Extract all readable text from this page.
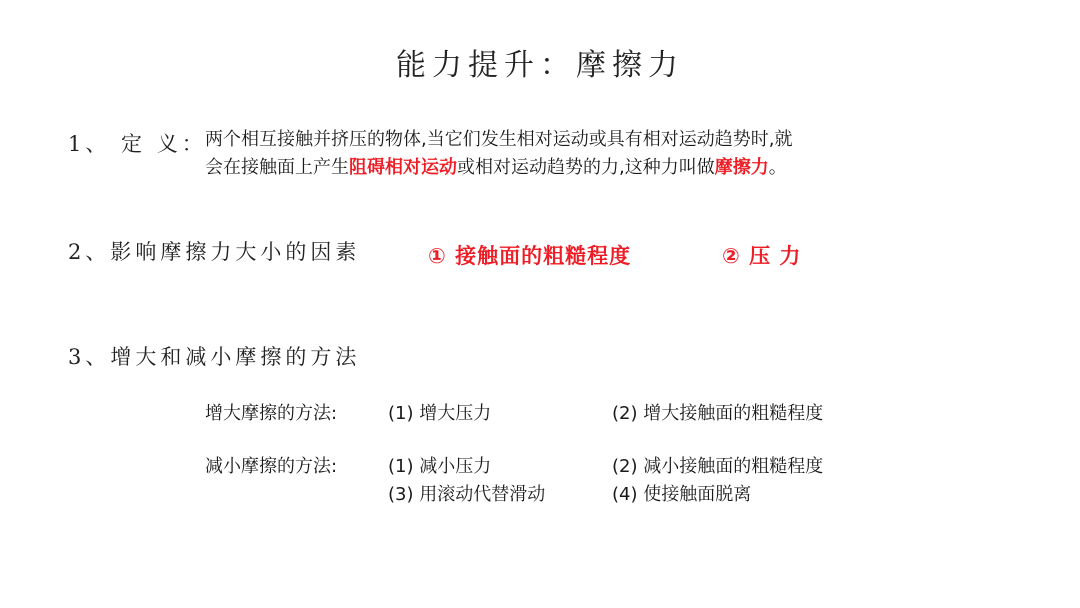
能力提升：摩擦力
1、 定 义：
两个相互接触并挤压的物体,当它们发生相对运动或具有相对运动趋势时,就
会在接触面上产生阻碍相对运动或相对运动趋势的力,这种力叫做摩擦力。
2、影响摩擦力大小的因素	① 接触面的粗糙程度	② 压 力
3、增大和减小摩擦的方法
增大摩擦的方法:	(1) 增大压力	(2) 增大接触面的粗糙程度
减小摩擦的方法:	(1) 减小压力	(2) 减小接触面的粗糙程度
(3) 用滚动代替滑动	(4) 使接触面脱离
